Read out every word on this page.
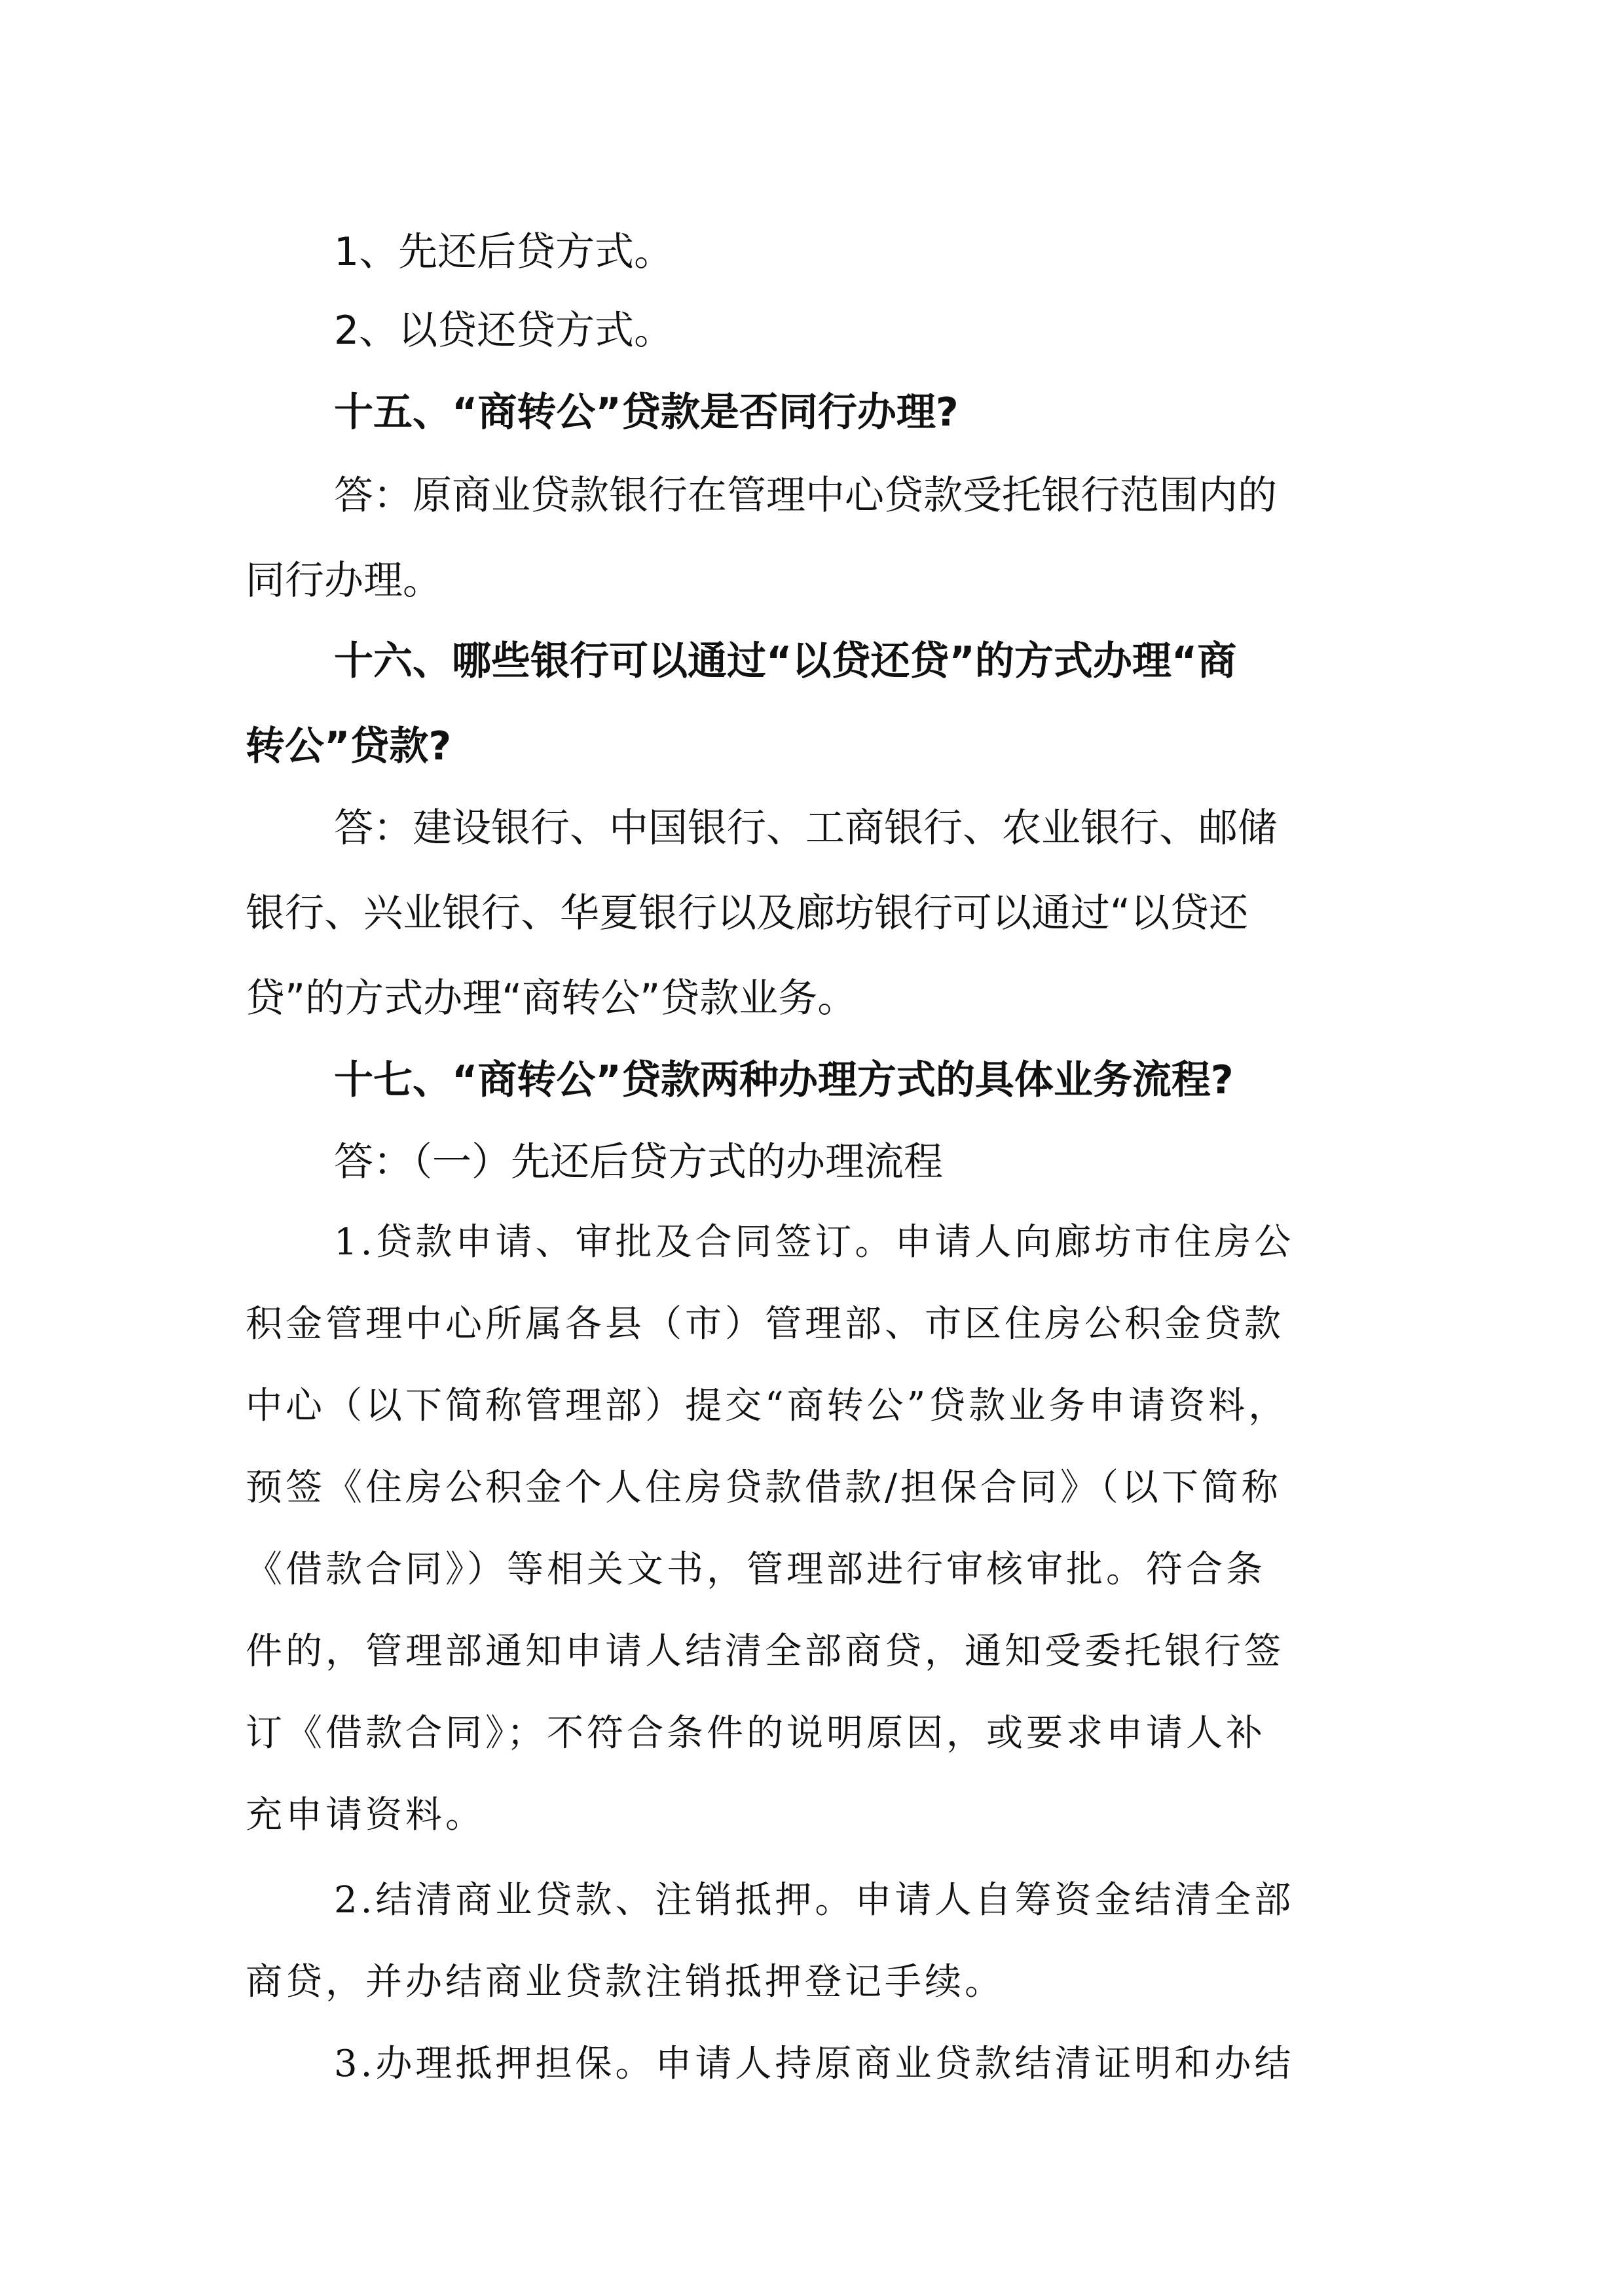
1、先还后贷方式。

2、以贷还贷方式。

十五、“商转公”贷款是否同行办理?

答：原商业贷款银行在管理中心贷款受托银行范围内的
同行办理。

十六、哪些银行可以通过“以贷还贷”的方式办理“商
转公”贷款?

答：建设银行、中国银行、工商银行、农业银行、邮储
银行、兴业银行、华夏银行以及廊坊银行可以通过“以贷还
贷”的方式办理“商转公”贷款业务。

十七、“商转公”贷款两种办理方式的具体业务流程?

答：（一）先还后贷方式的办理流程

1.贷款申请、审批及合同签订。申请人向廊坊市住房公
积金管理中心所属各县（市）管理部、市区住房公积金贷款
中心（以下简称管理部）提交“商转公”贷款业务申请资料，
预签《住房公积金个人住房贷款借款/担保合同》（以下简称
《借款合同》）等相关文书，管理部进行审核审批。符合条
件的，管理部通知申请人结清全部商贷，通知受委托银行签
订《借款合同》；不符合条件的说明原因，或要求申请人补
充申请资料。

2.结清商业贷款、注销抵押。申请人自筹资金结清全部
商贷，并办结商业贷款注销抵押登记手续。

3.办理抵押担保。申请人持原商业贷款结清证明和办结
